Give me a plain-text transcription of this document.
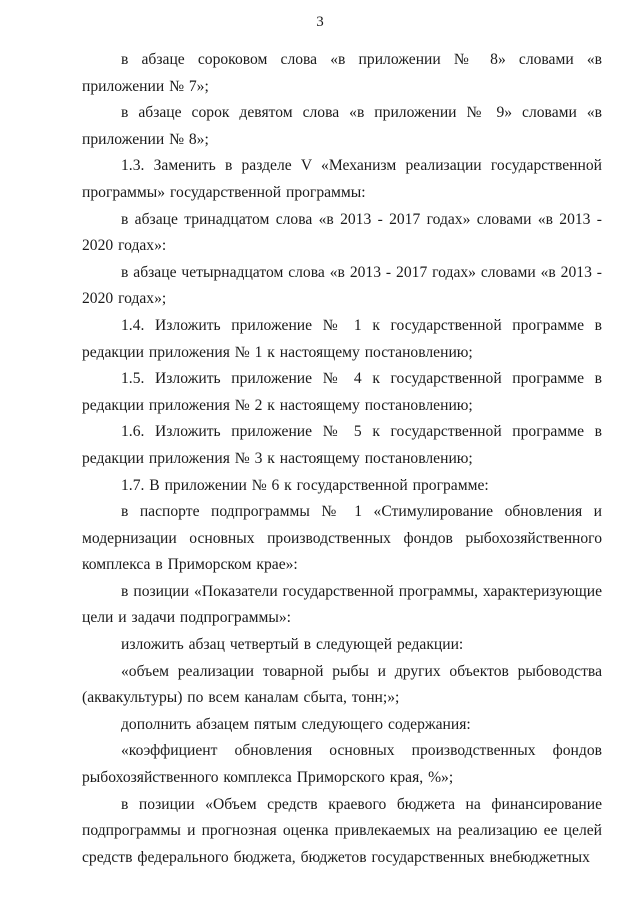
3

в абзаце сороковом слова «в приложении № 8» словами «в приложении № 7»;

в абзаце сорок девятом слова «в приложении № 9» словами «в приложении № 8»;

1.3. Заменить в разделе V «Механизм реализации государственной программы» государственной программы:

в абзаце тринадцатом слова «в 2013 - 2017 годах» словами «в 2013 - 2020 годах»:

в абзаце четырнадцатом слова «в 2013 - 2017 годах» словами «в 2013 - 2020 годах»;

1.4. Изложить приложение № 1 к государственной программе в редакции приложения № 1 к настоящему постановлению;

1.5. Изложить приложение № 4 к государственной программе в редакции приложения № 2 к настоящему постановлению;

1.6. Изложить приложение № 5 к государственной программе в редакции приложения № 3 к настоящему постановлению;

1.7. В приложении № 6 к государственной программе:

в паспорте подпрограммы № 1 «Стимулирование обновления и модернизации основных производственных фондов рыбохозяйственного комплекса в Приморском крае»:

в позиции «Показатели государственной программы, характеризующие цели и задачи подпрограммы»:

изложить абзац четвертый в следующей редакции:

«объем реализации товарной рыбы и других объектов рыбоводства (аквакультуры) по всем каналам сбыта, тонн;»;

дополнить абзацем пятым следующего содержания:

«коэффициент обновления основных производственных фондов рыбохозяйственного комплекса Приморского края, %»;

в позиции «Объем средств краевого бюджета на финансирование подпрограммы и прогнозная оценка привлекаемых на реализацию ее целей средств федерального бюджета, бюджетов государственных внебюджетных
